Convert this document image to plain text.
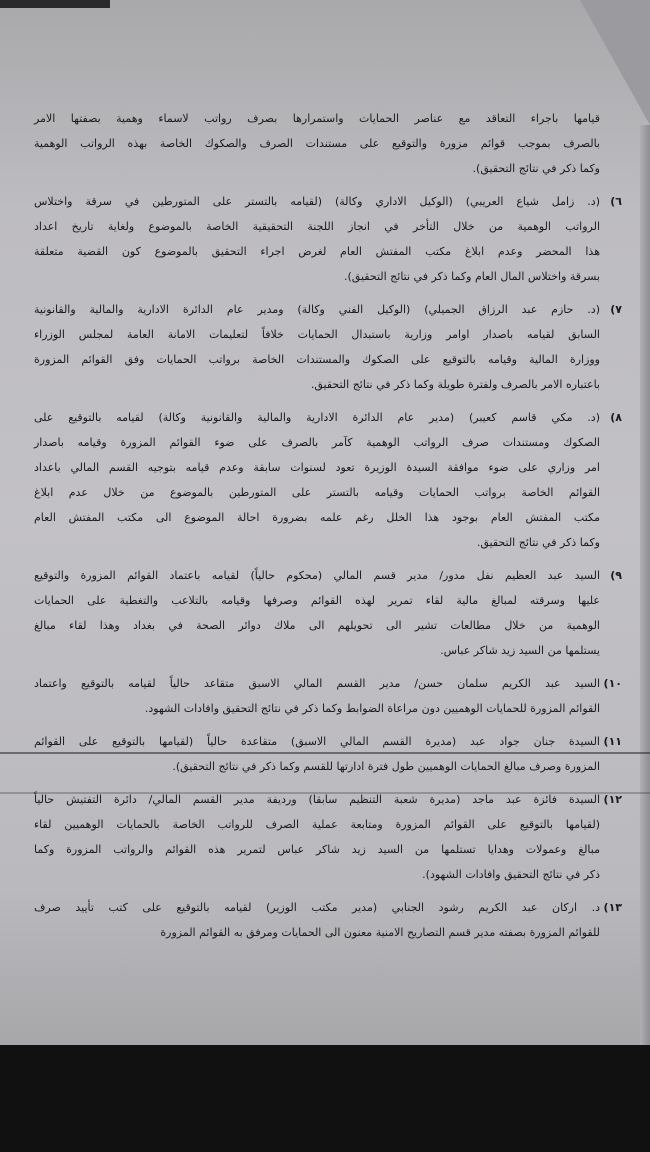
قيامها باجراء التعاقد مع عناصر الحمايات واستمرارها بصرف رواتب لاسماء وهمية بصفتها الامر
بالصرف بموجب قوائم مزورة والتوقيع على مستندات الصرف والصكوك الخاصة بهذه الرواتب الوهمية
وكما ذكر في نتائج التحقيق).
٦)
(د. زامل شياع العريبي) (الوكيل الاداري وكالة) (لقيامه بالتستر على المتورطين في سرقة واختلاس
الرواتب الوهمية من خلال التأخر في انجاز اللجنة التحقيقية الخاصة بالموضوع ولغاية تاريخ اعداد
هذا المحضر وعدم ابلاغ مكتب المفتش العام لغرض اجراء التحقيق بالموضوع كون القضية متعلقة
بسرقة واختلاس المال العام وكما ذكر في نتائج التحقيق).
٧)
(د. حازم عبد الرزاق الجميلي) (الوكيل الفني وكالة) ومدير عام الدائرة الادارية والمالية والقانونية
السابق لقيامه باصدار اوامر وزارية باستبدال الحمايات خلافاً لتعليمات الامانة العامة لمجلس الوزراء
ووزارة المالية وقيامه بالتوقيع على الصكوك والمستندات الخاصة برواتب الحمايات وفق القوائم المزورة
باعتباره الامر بالصرف ولفترة طويلة وكما ذكر في نتائج التحقيق.
٨)
(د. مكي قاسم كعيبر) (مدير عام الدائرة الادارية والمالية والقانونية وكالة) لقيامه بالتوقيع على
الصكوك ومستندات صرف الرواتب الوهمية كآمر بالصرف على ضوء القوائم المزورة وقيامه باصدار
امر وزاري على ضوء موافقة السيدة الوزيرة تعود لسنوات سابقة وعدم قيامه بتوجيه القسم المالي باعداد
القوائم الخاصة برواتب الحمايات وقيامه بالتستر على المتورطين بالموضوع من خلال عدم ابلاغ
مكتب المفتش العام بوجود هذا الخلل رغم علمه بضرورة احالة الموضوع الى مكتب المفتش العام
وكما ذكر في نتائج التحقيق.
٩)
السيد عبد العظيم نفل مدور/ مدير قسم المالي (محكوم حالياً) لقيامه باعتماد القوائم المزورة والتوقيع
عليها وسرقته لمبالغ مالية لقاء تمرير لهذه القوائم وصرفها وقيامه بالتلاعب والتغطية على الحمايات
الوهمية من خلال مطالعات تشير الى تحويلهم الى ملاك دوائر الصحة في بغداد وهذا لقاء مبالغ
يستلمها من السيد زيد شاكر عباس.
١٠)
السيد عبد الكريم سلمان حسن/ مدير القسم المالي الاسبق متقاعد حالياً لقيامه بالتوقيع واعتماد
القوائم المزورة للحمايات الوهميين دون مراعاة الضوابط وكما ذكر في نتائج التحقيق وافادات الشهود.
١١)
السيدة جنان جواد عبد (مديرة القسم المالي الاسبق) متقاعدة حالياً (لقيامها بالتوقيع على القوائم
المزورة وصرف مبالغ الحمايات الوهميين طول فترة ادارتها للقسم وكما ذكر في نتائج التحقيق).
١٢)
السيدة فائزة عبد ماجد (مديرة شعبة التنظيم سابقا) ورديفة مدير القسم المالي/ دائرة التفتيش حالياً
(لقيامها بالتوقيع على القوائم المزورة ومتابعة عملية الصرف للرواتب الخاصة بالحمايات الوهميين لقاء
مبالغ وعمولات وهدايا تستلمها من السيد زيد شاكر عباس لتمرير هذه القوائم والرواتب المزورة وكما
ذكر في نتائج التحقيق وافادات الشهود).
١٣)
د. اركان عبد الكريم رشود الجنابي (مدير مكتب الوزير) لقيامه بالتوقيع على كتب تأييد صرف
للقوائم المزورة بصفته مدير قسم التصاريح الامنية معنون الى الحمايات ومرفق به القوائم المزورة
